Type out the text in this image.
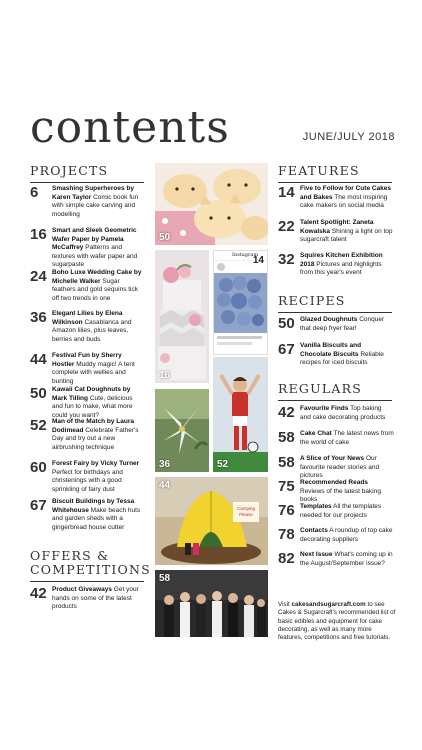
contents	JUNE/JULY 2018
PROJECTS
6	Smashing Superheroes by Karen Taylor Comic book fun with simple cake carving and modelling
16 Smart and Sleek Geometric Wafer Paper by Pamela McCaffrey Patterns and textures with wafer paper and sugarpaste
24 Boho Luxe Wedding Cake by Michelle Walker Sugar feathers and gold sequins tick off two trends in one
36 Elegant Lilies by Elena Wilkinson Casablanca and Amazon lilies, plus leaves, berries and buds
44 Festival Fun by Sherry Hostler Muddy magic! A tent complete with wellies and bunting
50 Kawaii Cat Doughnuts by Mark Tilling Cute, delicious and fun to make, what more could you want?
52 Man of the Match by Laura Dodimead Celebrate Father's Day and try out a new airbrushing technique
60 Forest Fairy by Vicky Turner Perfect for birthdays and christenings with a good sprinkling of fairy dust
67 Biscuit Buildings by Tessa Whitehouse Make beach huts and garden sheds with a gingerbread house cutter
OFFERS &
COMPETITIONS
42 Product Giveaways Get your hands on some of the latest products
50
16
Instagram
14
36	52
Camping Please
44
58
FEATURES
14 Five to Follow for Cute Cakes and Bakes The most inspiring cake makers on social media
22 Talent Spotlight: Zaneta Kowalska Shining a light on top sugarcraft talent
32 Squires Kitchen Exhibition 2018 Pictures and highlights from this year's event
RECIPES
50 Glazed Doughnuts Conquer that deep fryer fear!
67 Vanilla Biscuits and Chocolate Biscuits Reliable recipes for iced biscuits
REGULARS
42 Favourite Finds Top baking and cake decorating products
58 Cake Chat The latest news from the world of cake
58 A Slice of Your News Our favourite reader stories and pictures
75 Recommended Reads Reviews of the latest baking books
76 Templates All the templates needed for our projects
78 Contacts A roundup of top cake decorating suppliers
82 Next Issue What's coming up in the August/September issue?
Visit cakesandsugarcraft.com to see Cakes & Sugarcraft's recommended list of basic edibles and equipment for cake decorating, as well as many more features, competitions and free tutorials.
